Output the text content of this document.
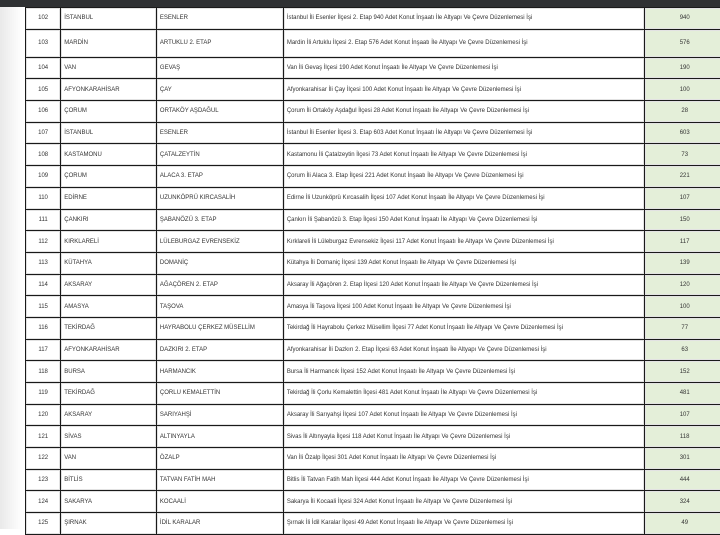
102	İSTANBUL	ESENLER	İstanbul İli Esenler İlçesi 2. Etap 940 Adet Konut İnşaatı İle Altyapı Ve Çevre Düzenlemesi İşi	940
103	MARDİN	ARTUKLU 2. ETAP	Mardin İli Artuklu İlçesi 2. Etap 576 Adet Konut İnşaatı İle Altyapı Ve Çevre Düzenlemesi İşi	576
104	VAN	GEVAŞ	Van İli Gevaş İlçesi 190 Adet Konut İnşaatı İle Altyapı Ve Çevre Düzenlemesi İşi	190
105	AFYONKARAHİSAR	ÇAY	Afyonkarahisar İli Çay İlçesi 100 Adet Konut İnşaatı İle Altyapı Ve Çevre Düzenlemesi İşi	100
106	ÇORUM	ORTAKÖY AŞDAĞUL	Çorum İli Ortaköy Aşdağul İlçesi 28 Adet Konut İnşaatı İle Altyapı Ve Çevre Düzenlemesi İşi	28
107	İSTANBUL	ESENLER	İstanbul İli Esenler İlçesi 3. Etap 603 Adet Konut İnşaatı İle Altyapı Ve Çevre Düzenlemesi İşi	603
108	KASTAMONU	ÇATALZEYTİN	Kastamonu İli Çatalzeytin İlçesi 73 Adet Konut İnşaatı İle Altyapı Ve Çevre Düzenlemesi İşi	73
109	ÇORUM	ALACA 3. ETAP	Çorum İli Alaca 3. Etap İlçesi 221 Adet Konut İnşaatı İle Altyapı Ve Çevre Düzenlemesi İşi	221
110	EDİRNE	UZUNKÖPRÜ KIRCASALİH	Edirne İli Uzunköprü Kırcasalih İlçesi 107 Adet Konut İnşaatı İle Altyapı Ve Çevre Düzenlemesi İşi	107
111	ÇANKIRI	ŞABANÖZÜ 3. ETAP	Çankırı İli Şabanözü 3. Etap İlçesi 150 Adet Konut İnşaatı İle Altyapı Ve Çevre Düzenlemesi İşi	150
112	KIRKLARELİ	LÜLEBURGAZ EVRENSEKİZ	Kırklareli İli Lüleburgaz Evrensekiz İlçesi 117 Adet Konut İnşaatı İle Altyapı Ve Çevre Düzenlemesi İşi	117
113	KÜTAHYA	DOMANİÇ	Kütahya İli Domaniç İlçesi 139 Adet Konut İnşaatı İle Altyapı Ve Çevre Düzenlemesi İşi	139
114	AKSARAY	AĞAÇÖREN 2. ETAP	Aksaray İli Ağaçören 2. Etap İlçesi 120 Adet Konut İnşaatı İle Altyapı Ve Çevre Düzenlemesi İşi	120
115	AMASYA	TAŞOVA	Amasya İli Taşova İlçesi 100 Adet Konut İnşaatı İle Altyapı Ve Çevre Düzenlemesi İşi	100
116	TEKİRDAĞ	HAYRABOLU ÇERKEZ MÜSELLİM	Tekirdağ İli Hayrabolu Çerkez Müsellim İlçesi 77 Adet Konut İnşaatı İle Altyapı Ve Çevre Düzenlemesi İşi	77
117	AFYONKARAHİSAR	DAZKIRI 2. ETAP	Afyonkarahisar İli Dazkırı 2. Etap İlçesi 63 Adet Konut İnşaatı İle Altyapı Ve Çevre Düzenlemesi İşi	63
118	BURSA	HARMANCIK	Bursa İli Harmancık İlçesi 152 Adet Konut İnşaatı İle Altyapı Ve Çevre Düzenlemesi İşi	152
119	TEKİRDAĞ	ÇORLU KEMALETTİN	Tekirdağ İli Çorlu Kemalettin İlçesi 481 Adet Konut İnşaatı İle Altyapı Ve Çevre Düzenlemesi İşi	481
120	AKSARAY	SARIYAHŞİ	Aksaray İli Sarıyahşi İlçesi 107 Adet Konut İnşaatı İle Altyapı Ve Çevre Düzenlemesi İşi	107
121	SİVAS	ALTINYAYLA	Sivas İli Altınyayla İlçesi 118 Adet Konut İnşaatı İle Altyapı Ve Çevre Düzenlemesi İşi	118
122	VAN	ÖZALP	Van İli Özalp İlçesi 301 Adet Konut İnşaatı İle Altyapı Ve Çevre Düzenlemesi İşi	301
123	BİTLİS	TATVAN FATİH MAH	Bitlis İli Tatvan Fatih Mah İlçesi 444 Adet Konut İnşaatı İle Altyapı Ve Çevre Düzenlemesi İşi	444
124	SAKARYA	KOCAALİ	Sakarya İli Kocaali İlçesi 324 Adet Konut İnşaatı İle Altyapı Ve Çevre Düzenlemesi İşi	324
125	ŞIRNAK	İDİL KARALAR	Şırnak İli İdil Karalar İlçesi 49 Adet Konut İnşaatı İle Altyapı Ve Çevre Düzenlemesi İşi	49
